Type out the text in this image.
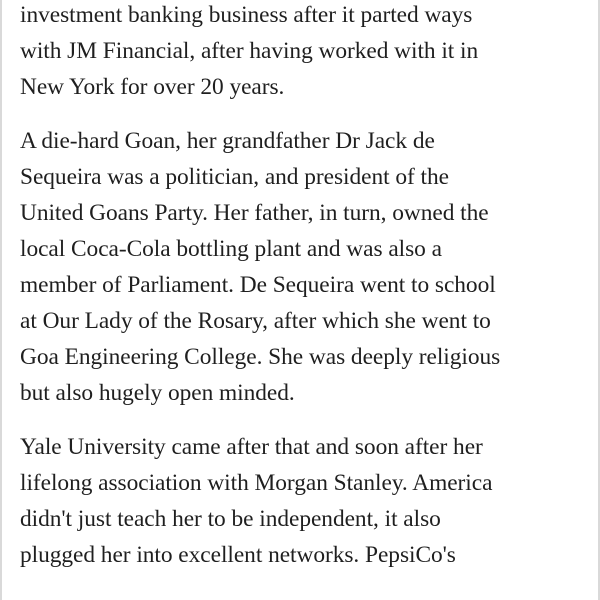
investment banking business after it parted ways
with JM Financial, after having worked with it in
New York for over 20 years.

A die-hard Goan, her grandfather Dr Jack de
Sequeira was a politician, and president of the
United Goans Party. Her father, in turn, owned the
local Coca-Cola bottling plant and was also a
member of Parliament. De Sequeira went to school
at Our Lady of the Rosary, after which she went to
Goa Engineering College. She was deeply religious
but also hugely open minded.

Yale University came after that and soon after her
lifelong association with Morgan Stanley. America
didn't just teach her to be independent, it also
plugged her into excellent networks. PepsiCo's
